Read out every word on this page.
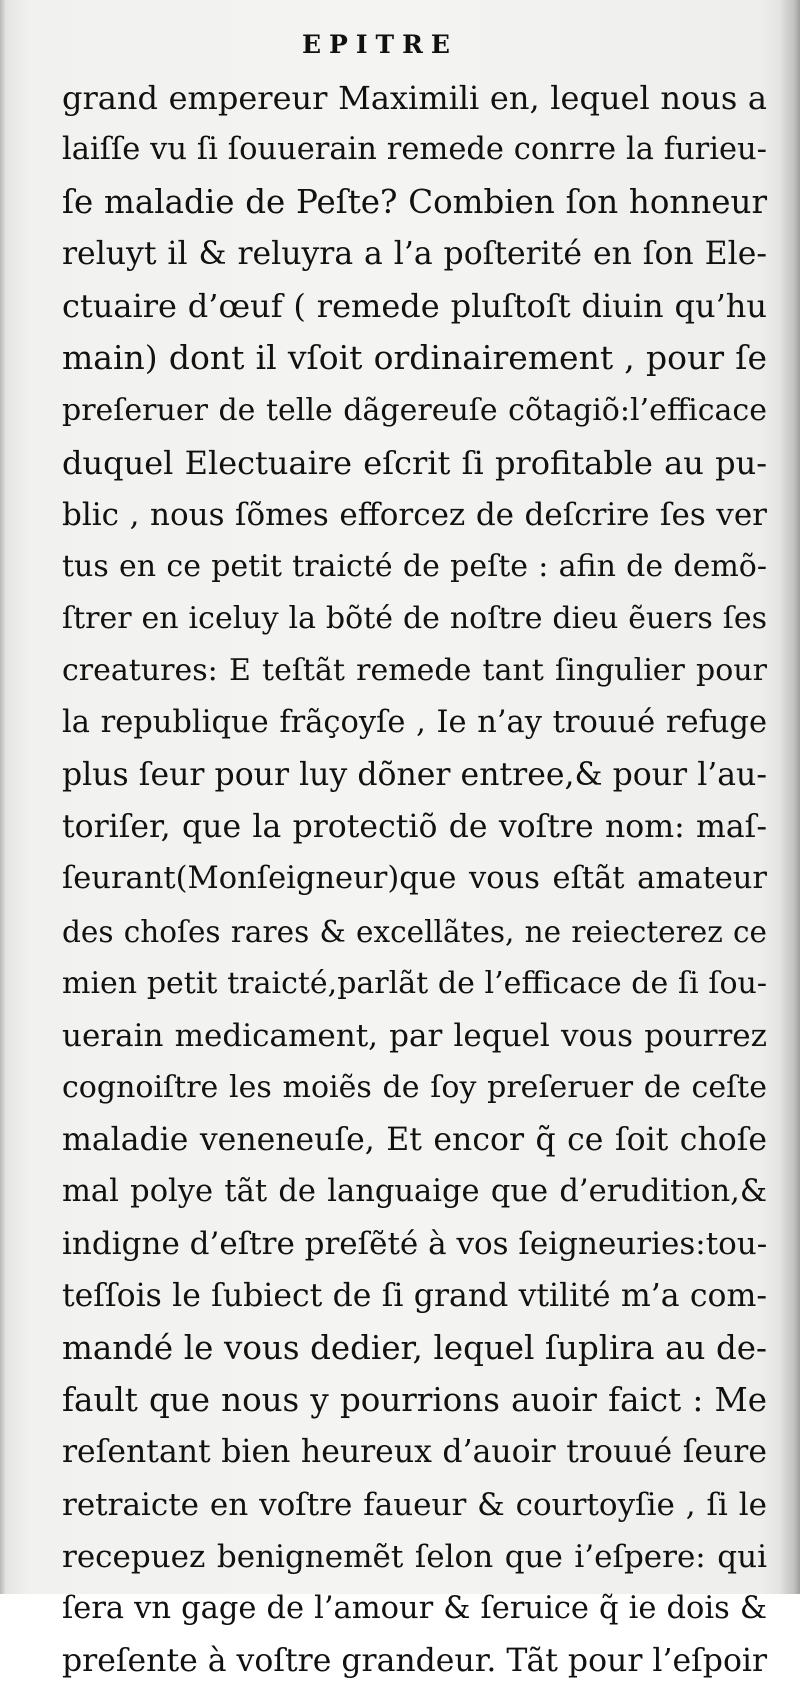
EPITRE
grand empereur Maximili en, lequel nous a
laiſſe vu ſi ſouuerain remede conrre la furieu-
ſe maladie de Peſte? Combien ſon honneur
reluyt il & reluyra a l’a poſterité en ſon Ele-
ctuaire d’œuf ( remede pluſtoſt diuin qu’hu
main) dont il vſoit ordinairement , pour ſe
preſeruer de telle dãgereuſe cõtagiõ:l’efficace
duquel Electuaire eſcrit ſi profitable au pu-
blic , nous ſõmes efforcez de deſcrire ſes ver
tus en ce petit traicté de peſte : afin de demõ-
ſtrer en iceluy la bõté de noſtre dieu ẽuers ſes
creatures: E teſtãt remede tant ſingulier pour
la republique frãçoyſe , Ie n’ay trouué refuge
plus ſeur pour luy dõner entree,& pour l’au-
toriſer, que la protectiõ de voſtre nom: maſ-
ſeurant(Monſeigneur)que vous eſtãt amateur
des choſes rares & excellãtes, ne reiecterez ce
mien petit traicté,parlãt de l’efficace de ſi ſou-
uerain medicament, par lequel vous pourrez
cognoiſtre les moiẽs de ſoy preſeruer de ceſte
maladie veneneuſe, Et encor q̃ ce ſoit choſe
mal polye tãt de languaige que d’erudition,&
indigne d’eſtre preſẽté à vos ſeigneuries:tou-
teſſois le ſubiect de ſi grand vtilité m’a com-
mandé le vous dedier, lequel ſuplira au de-
fault que nous y pourrions auoir faict : Me
reſentant bien heureux d’auoir trouué ſeure
retraicte en voſtre faueur & courtoyſie , ſi le
recepuez benignemẽt ſelon que i’eſpere: qui
ſera vn gage de l’amour & ſeruice q̃ ie dois &
preſente à voſtre grandeur. Tãt pour l’eſpoir
